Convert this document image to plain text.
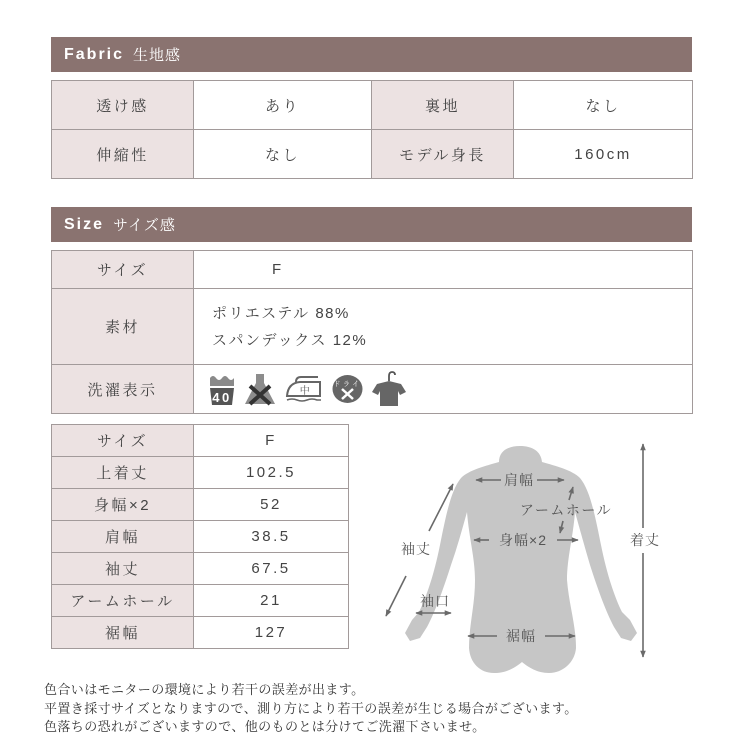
Fabric 生地感
透け感	あり	裏地	なし
伸縮性	なし	モデル身長	160cm
Size サイズ感
サイズ	F
素材	ポリエステル 88%
スパンデックス 12%

洗濯表示	40 中
ドライ
サイズ	F
上着丈	102.5
身幅×2	52
肩幅	38.5
袖丈	67.5
アームホール	21
裾幅	127
肩幅
アームホール
身幅×2
袖丈
袖口
裾幅
着丈
色合いはモニターの環境により若干の誤差が出ます。
平置き採寸サイズとなりますので、測り方により若干の誤差が生じる場合がございます。
色落ちの恐れがございますので、他のものとは分けてご洗濯下さいませ。
